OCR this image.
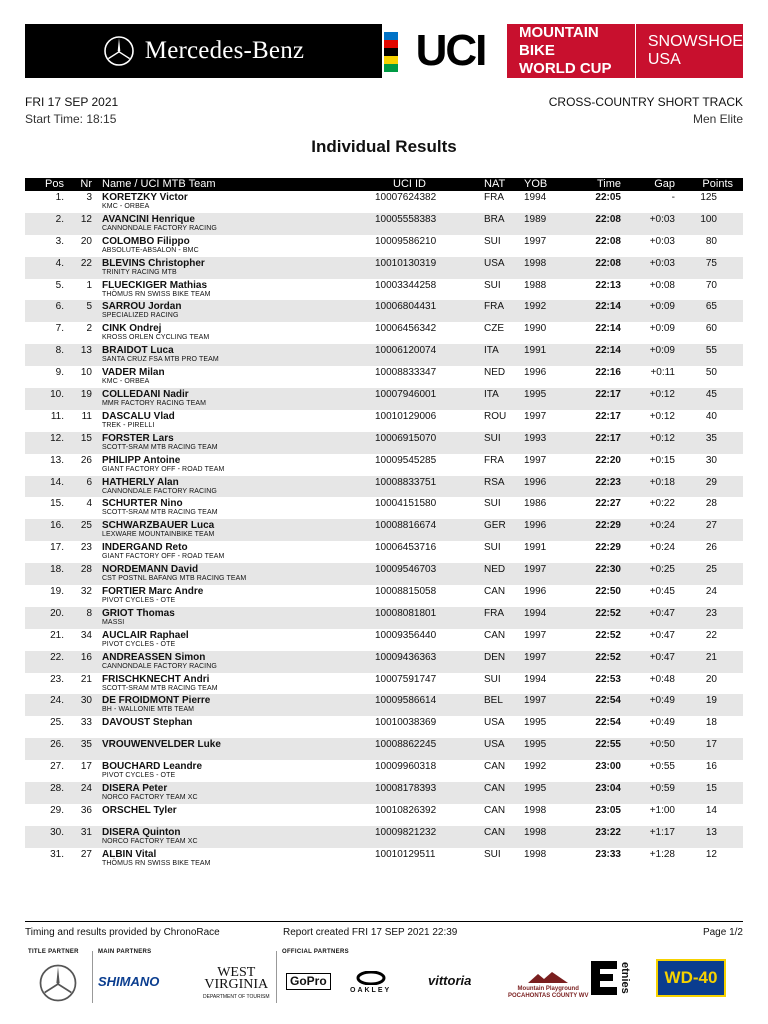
Mercedes-Benz	UCI MOUNTAIN BIKE
WORLD CUP
SNOWSHOE
USA
FRI 17 SEP 2021
Start Time: 18:15
CROSS-COUNTRY SHORT TRACK
Men Elite
Individual Results
Pos	Nr Name / UCI MTB Team	UCI ID	NAT YOB	Time	Gap	Points
1.	3 KORETZKY Victor
KMC - ORBEA
10007624382	FRA 1994	22:05	-	125
2.	12 AVANCINI Henrique
CANNONDALE FACTORY RACING
10005558383	BRA 1989	22:08	+0:03	100
3.	20 COLOMBO Filippo
ABSOLUTE-ABSALON - BMC
10009586210	SUI 1997	22:08	+0:03	80
4.	22 BLEVINS Christopher
TRINITY RACING MTB
10010130319	USA 1998	22:08	+0:03	75
5.	1 FLUECKIGER Mathias
THÖMUS RN SWISS BIKE TEAM
10003344258	SUI 1988	22:13	+0:08	70
6.	5 SARROU Jordan
SPECIALIZED RACING
10006804431	FRA 1992	22:14	+0:09	65
7.	2 CINK Ondrej
KROSS ORLEN CYCLING TEAM
10006456342	CZE 1990	22:14	+0:09	60
8.	13 BRAIDOT Luca
SANTA CRUZ FSA MTB PRO TEAM
10006120074	ITA	1991	22:14	+0:09	55
9.	10 VADER Milan
KMC - ORBEA
10008833347	NED 1996	22:16	+0:11	50
10.	19 COLLEDANI Nadir
MMR FACTORY RACING TEAM
10007946001	ITA	1995	22:17	+0:12	45
11.	11 DASCALU Vlad
TREK - PIRELLI
10010129006	ROU 1997	22:17	+0:12	40
12.	15 FORSTER Lars
SCOTT-SRAM MTB RACING TEAM
10006915070	SUI 1993	22:17	+0:12	35
13.	26 PHILIPP Antoine
GIANT FACTORY OFF - ROAD TEAM
10009545285	FRA 1997	22:20	+0:15	30
14.	6 HATHERLY Alan
CANNONDALE FACTORY RACING
10008833751	RSA 1996	22:23	+0:18	29
15.	4 SCHURTER Nino
SCOTT-SRAM MTB RACING TEAM
10004151580	SUI 1986	22:27	+0:22	28
16.	25 SCHWARZBAUER Luca
LEXWARE MOUNTAINBIKE TEAM
10008816674	GER 1996	22:29	+0:24	27
17.	23 INDERGAND Reto
GIANT FACTORY OFF - ROAD TEAM
10006453716	SUI 1991	22:29	+0:24	26
18.	28 NORDEMANN David
CST POSTNL BAFANG MTB RACING TEAM
10009546703	NED 1997	22:30	+0:25	25
19.	32 FORTIER Marc Andre
PIVOT CYCLES - OTE
10008815058	CAN 1996	22:50	+0:45	24
20.	8 GRIOT Thomas
MASSI
10008081801	FRA 1994	22:52	+0:47	23
21.	34 AUCLAIR Raphael
PIVOT CYCLES - OTE
10009356440	CAN 1997	22:52	+0:47	22
22.	16 ANDREASSEN Simon
CANNONDALE FACTORY RACING
10009436363	DEN 1997	22:52	+0:47	21
23.	21 FRISCHKNECHT Andri
SCOTT-SRAM MTB RACING TEAM
10007591747	SUI 1994	22:53	+0:48	20
24.	30 DE FROIDMONT Pierre
BH - WALLONIE MTB TEAM
10009586614	BEL 1997	22:54	+0:49	19
25.	33 DAVOUST Stephan	10010038369	USA 1995	22:54	+0:49	18
26.	35 VROUWENVELDER Luke	10008862245	USA 1995	22:55	+0:50	17
27.	17 BOUCHARD Leandre
PIVOT CYCLES - OTE
10009960318	CAN 1992	23:00	+0:55	16
28.	24 DISERA Peter
NORCO FACTORY TEAM XC
10008178393	CAN 1995	23:04	+0:59	15
29.	36 ORSCHEL Tyler	10010826392	CAN 1998	23:05	+1:00	14
30.	31 DISERA Quinton
NORCO FACTORY TEAM XC
10009821232	CAN 1998	23:22	+1:17	13
31.	27 ALBIN Vital
THÖMUS RN SWISS BIKE TEAM
10010129511	SUI 1998	23:33	+1:28	12
Timing and results provided by ChronoRace	Report created FRI 17 SEP 2021 22:39	Page 1/2
TITLE PARTNER	MAIN PARTNERS
SHIMANO
WEST
VIRGINIA
DEPARTMENT OF TOURISM
OFFICIAL PARTNERS
GoPro
OAKLEY
vittoria
Mountain Playground
POCAHONTAS COUNTY WV
etnies	WD-40
